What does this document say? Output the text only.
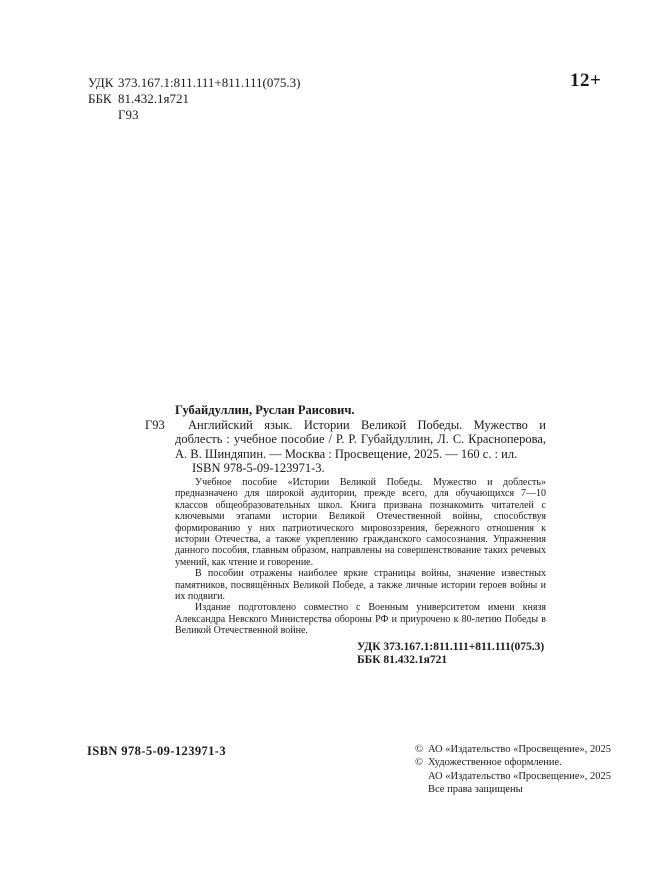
УДК 373.167.1:811.111+811.111(075.3)
ББК 81.432.1я721
Г93
12+
Губайдуллин, Руслан Раисович.
Г93	Английский язык. Истории Великой Победы. Мужество и доблесть : учебное пособие / Р. Р. Губайдуллин, Л. С. Красноперова, А. В. Шиндяпин. — Москва : Просвещение, 2025. — 160 с. : ил.
ISBN 978-5-09-123971-3.

Учебное пособие «Истории Великой Победы. Мужество и доблесть» предназначено для широкой аудитории, прежде всего, для обучающихся 7—10 классов общеобразовательных школ. Книга призвана познакомить читателей с ключевыми этапами истории Великой Отечественной войны, способствуя формированию у них патриотического мировоззрения, бережного отношения к истории Отечества, а также укреплению гражданского самосознания. Упражнения данного пособия, главным образом, направлены на совершенствование таких речевых умений, как чтение и говорение.

В пособии отражены наиболее яркие страницы войны, значение известных памятников, посвящённых Великой Победе, а также личные истории героев войны и их подвиги.

Издание подготовлено совместно с Военным университетом имени князя Александра Невского Министерства обороны РФ и приурочено к 80-летию Победы в Великой Отечественной войне.

УДК 373.167.1:811.111+811.111(075.3)
ББК 81.432.1я721
ISBN 978-5-09-123971-3	© АО «Издательство «Просвещение», 2025
© Художественное оформление.
АО «Издательство «Просвещение», 2025
Все права защищены
